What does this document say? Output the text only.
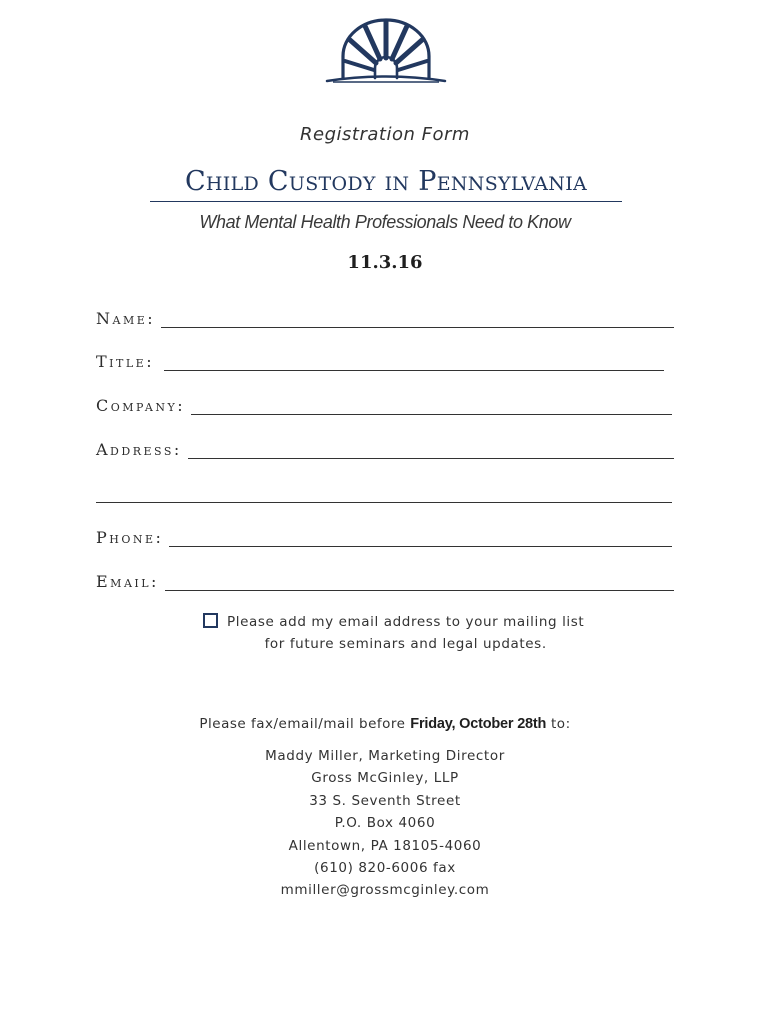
Registration Form
Child Custody in Pennsylvania
What Mental Health Professionals Need to Know
11.3.16
Name:
Title:
Company:
Address:
Phone:
Email:
Please add my email address to your mailing list
for future seminars and legal updates.
Please fax/email/mail before Friday, October 28th to:
Maddy Miller, Marketing Director
Gross McGinley, LLP
33 S. Seventh Street
P.O. Box 4060
Allentown, PA 18105-4060
(610) 820-6006 fax
mmiller@grossmcginley.com
